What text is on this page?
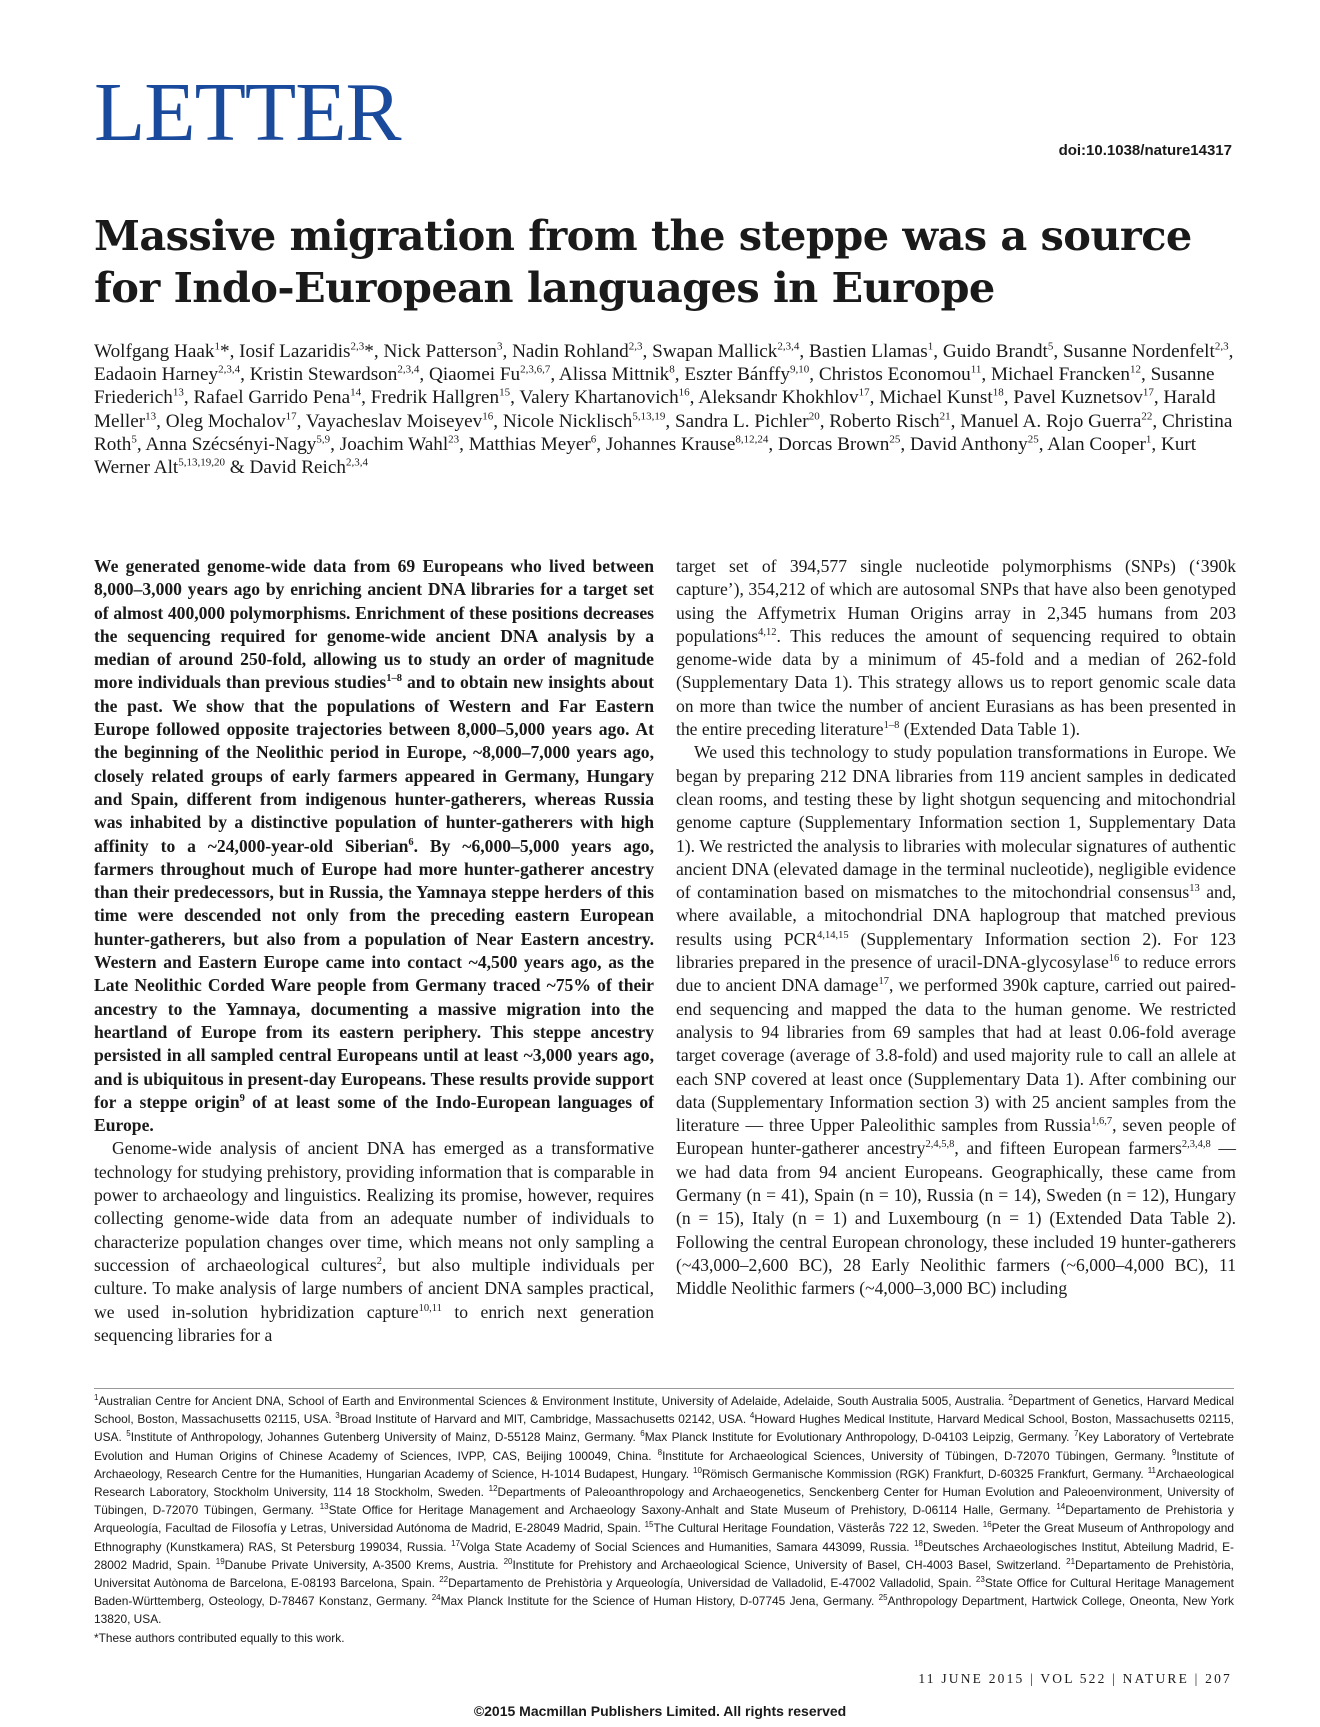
LETTER	doi:10.1038/nature14317
Massive migration from the steppe was a source for Indo-European languages in Europe
Wolfgang Haak$^1$*, Iosif Lazaridis$^{2,3}$*, Nick Patterson$^3$, Nadin Rohland$^{2,3}$, Swapan Mallick$^{2,3,4}$, Bastien Llamas$^1$, Guido Brandt$^5$, Susanne Nordenfelt$^{2,3}$, Eadaoin Harney$^{2,3,4}$, Kristin Stewardson$^{2,3,4}$, Qiaomei Fu$^{2,3,6,7}$, Alissa Mittnik$^8$, Eszter Bánffy$^{9,10}$, Christos Economou$^{11}$, Michael Francken$^{12}$, Susanne Friederich$^{13}$, Rafael Garrido Pena$^{14}$, Fredrik Hallgren$^{15}$, Valery Khartanovich$^{16}$, Aleksandr Khokhlov$^{17}$, Michael Kunst$^{18}$, Pavel Kuznetsov$^{17}$, Harald Meller$^{13}$, Oleg Mochalov$^{17}$, Vayacheslav Moiseyev$^{16}$, Nicole Nicklisch$^{5,13,19}$, Sandra L. Pichler$^{20}$, Roberto Risch$^{21}$, Manuel A. Rojo Guerra$^{22}$, Christina Roth$^5$, Anna Szécsényi-Nagy$^{5,9}$, Joachim Wahl$^{23}$, Matthias Meyer$^6$, Johannes Krause$^{8,12,24}$, Dorcas Brown$^{25}$, David Anthony$^{25}$, Alan Cooper$^1$, Kurt Werner Alt$^{5,13,19,20}$ & David Reich$^{2,3,4}$

We generated genome-wide data from 69 Europeans who lived between 8,000–3,000 years ago by enriching ancient DNA libraries for a target set of almost 400,000 polymorphisms. Enrichment of these positions decreases the sequencing required for genome-wide ancient DNA analysis by a median of around 250-fold, allowing us to study an order of magnitude more individuals than previous studies$^{1-8}$ and to obtain new insights about the past. We show that the populations of Western and Far Eastern Europe followed opposite trajectories between 8,000–5,000 years ago. At the beginning of the Neolithic period in Europe, ~8,000–7,000 years ago, closely related groups of early farmers appeared in Germany, Hungary and Spain, different from indigenous hunter-gatherers, whereas Russia was inhabited by a distinctive population of hunter-gatherers with high affinity to a ~24,000-year-old Siberian$^6$. By ~6,000–5,000 years ago, farmers throughout much of Europe had more hunter-gatherer ancestry than their predecessors, but in Russia, the Yamnaya steppe herders of this time were descended not only from the preceding eastern European hunter-gatherers, but also from a population of Near Eastern ancestry. Western and Eastern Europe came into contact ~4,500 years ago, as the Late Neolithic Corded Ware people from Germany traced ~75% of their ancestry to the Yamnaya, documenting a massive migration into the heartland of Europe from its eastern periphery. This steppe ancestry persisted in all sampled central Europeans until at least ~3,000 years ago, and is ubiquitous in present-day Europeans. These results provide support for a steppe origin$^9$ of at least some of the Indo-European languages of Europe.

Genome-wide analysis of ancient DNA has emerged as a transformative technology for studying prehistory, providing information that is comparable in power to archaeology and linguistics. Realizing its promise, however, requires collecting genome-wide data from an adequate number of individuals to characterize population changes over time, which means not only sampling a succession of archaeological cultures$^2$, but also multiple individuals per culture. To make analysis of large numbers of ancient DNA samples practical, we used in-solution hybridization capture$^{10,11}$ to enrich next generation sequencing libraries for a

target set of 394,577 single nucleotide polymorphisms (SNPs) (‘390k capture’), 354,212 of which are autosomal SNPs that have also been genotyped using the Affymetrix Human Origins array in 2,345 humans from 203 populations$^{4,12}$. This reduces the amount of sequencing required to obtain genome-wide data by a minimum of 45-fold and a median of 262-fold (Supplementary Data 1). This strategy allows us to report genomic scale data on more than twice the number of ancient Eurasians as has been presented in the entire preceding literature$^{1-8}$ (Extended Data Table 1).

We used this technology to study population transformations in Europe. We began by preparing 212 DNA libraries from 119 ancient samples in dedicated clean rooms, and testing these by light shotgun sequencing and mitochondrial genome capture (Supplementary Information section 1, Supplementary Data 1). We restricted the analysis to libraries with molecular signatures of authentic ancient DNA (elevated damage in the terminal nucleotide), negligible evidence of contamination based on mismatches to the mitochondrial consensus$^{13}$ and, where available, a mitochondrial DNA haplogroup that matched previous results using PCR$^{4,14,15}$ (Supplementary Information section 2). For 123 libraries prepared in the presence of uracil-DNA-glycosylase$^{16}$ to reduce errors due to ancient DNA damage$^{17}$, we performed 390k capture, carried out paired-end sequencing and mapped the data to the human genome. We restricted analysis to 94 libraries from 69 samples that had at least 0.06-fold average target coverage (average of 3.8-fold) and used majority rule to call an allele at each SNP covered at least once (Supplementary Data 1). After combining our data (Supplementary Information section 3) with 25 ancient samples from the literature — three Upper Paleolithic samples from Russia$^{1,6,7}$, seven people of European hunter-gatherer ancestry$^{2,4,5,8}$, and fifteen European farmers$^{2,3,4,8}$ — we had data from 94 ancient Europeans. Geographically, these came from Germany (n = 41), Spain (n = 10), Russia (n = 14), Sweden (n = 12), Hungary (n = 15), Italy (n = 1) and Luxembourg (n = 1) (Extended Data Table 2). Following the central European chronology, these included 19 hunter-gatherers (~43,000–2,600 BC), 28 Early Neolithic farmers (~6,000–4,000 BC), 11 Middle Neolithic farmers (~4,000–3,000 BC) including

$^1$Australian Centre for Ancient DNA, School of Earth and Environmental Sciences & Environment Institute, University of Adelaide, Adelaide, South Australia 5005, Australia. $^2$Department of Genetics, Harvard Medical School, Boston, Massachusetts 02115, USA. $^3$Broad Institute of Harvard and MIT, Cambridge, Massachusetts 02142, USA. $^4$Howard Hughes Medical Institute, Harvard Medical School, Boston, Massachusetts 02115, USA. $^5$Institute of Anthropology, Johannes Gutenberg University of Mainz, D-55128 Mainz, Germany. $^6$Max Planck Institute for Evolutionary Anthropology, D-04103 Leipzig, Germany. $^7$Key Laboratory of Vertebrate Evolution and Human Origins of Chinese Academy of Sciences, IVPP, CAS, Beijing 100049, China. $^8$Institute for Archaeological Sciences, University of Tübingen, D-72070 Tübingen, Germany. $^9$Institute of Archaeology, Research Centre for the Humanities, Hungarian Academy of Science, H-1014 Budapest, Hungary. $^{10}$Römisch Germanische Kommission (RGK) Frankfurt, D-60325 Frankfurt, Germany. $^{11}$Archaeological Research Laboratory, Stockholm University, 114 18 Stockholm, Sweden. $^{12}$Departments of Paleoanthropology and Archaeogenetics, Senckenberg Center for Human Evolution and Paleoenvironment, University of Tübingen, D-72070 Tübingen, Germany. $^{13}$State Office for Heritage Management and Archaeology Saxony-Anhalt and State Museum of Prehistory, D-06114 Halle, Germany. $^{14}$Departamento de Prehistoria y Arqueología, Facultad de Filosofía y Letras, Universidad Autónoma de Madrid, E-28049 Madrid, Spain. $^{15}$The Cultural Heritage Foundation, Västerås 722 12, Sweden. $^{16}$Peter the Great Museum of Anthropology and Ethnography (Kunstkamera) RAS, St Petersburg 199034, Russia. $^{17}$Volga State Academy of Social Sciences and Humanities, Samara 443099, Russia. $^{18}$Deutsches Archaeologisches Institut, Abteilung Madrid, E-28002 Madrid, Spain. $^{19}$Danube Private University, A-3500 Krems, Austria. $^{20}$Institute for Prehistory and Archaeological Science, University of Basel, CH-4003 Basel, Switzerland. $^{21}$Departamento de Prehistòria, Universitat Autònoma de Barcelona, E-08193 Barcelona, Spain. $^{22}$Departamento de Prehistòria y Arqueología, Universidad de Valladolid, E-47002 Valladolid, Spain. $^{23}$State Office for Cultural Heritage Management Baden-Württemberg, Osteology, D-78467 Konstanz, Germany. $^{24}$Max Planck Institute for the Science of Human History, D-07745 Jena, Germany. $^{25}$Anthropology Department, Hartwick College, Oneonta, New York 13820, USA.
*These authors contributed equally to this work.
11 JUNE 2015 | VOL 522 | NATURE | 207
©2015 Macmillan Publishers Limited. All rights reserved
